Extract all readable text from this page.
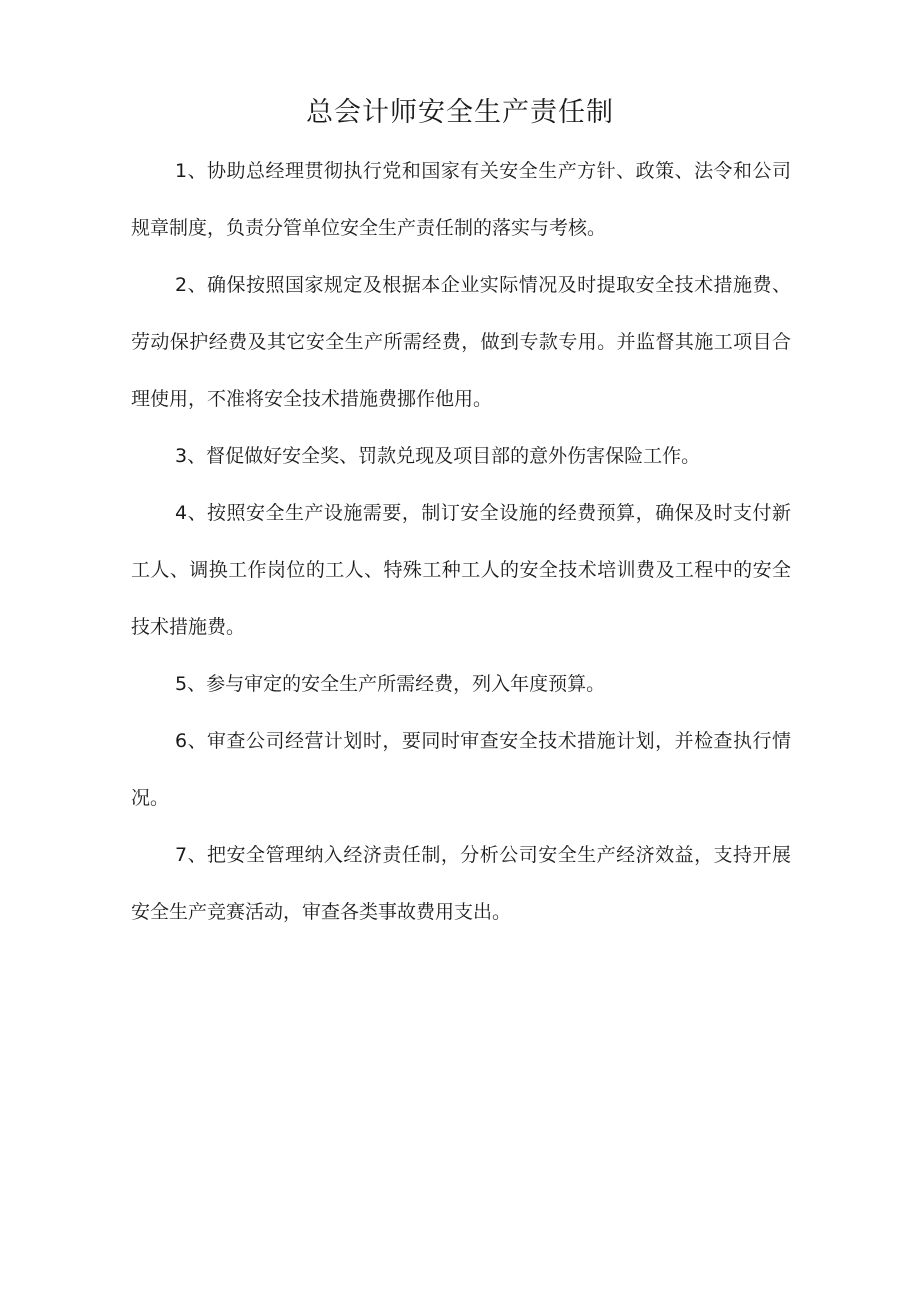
总会计师安全生产责任制

1、协助总经理贯彻执行党和国家有关安全生产方针、政策、法令和公司规章制度，负责分管单位安全生产责任制的落实与考核。

2、确保按照国家规定及根据本企业实际情况及时提取安全技术措施费、劳动保护经费及其它安全生产所需经费，做到专款专用。并监督其施工项目合理使用，不准将安全技术措施费挪作他用。

3、督促做好安全奖、罚款兑现及项目部的意外伤害保险工作。

4、按照安全生产设施需要，制订安全设施的经费预算，确保及时支付新工人、调换工作岗位的工人、特殊工种工人的安全技术培训费及工程中的安全技术措施费。

5、参与审定的安全生产所需经费，列入年度预算。

6、审查公司经营计划时，要同时审查安全技术措施计划，并检查执行情况。

7、把安全管理纳入经济责任制，分析公司安全生产经济效益，支持开展安全生产竞赛活动，审查各类事故费用支出。
